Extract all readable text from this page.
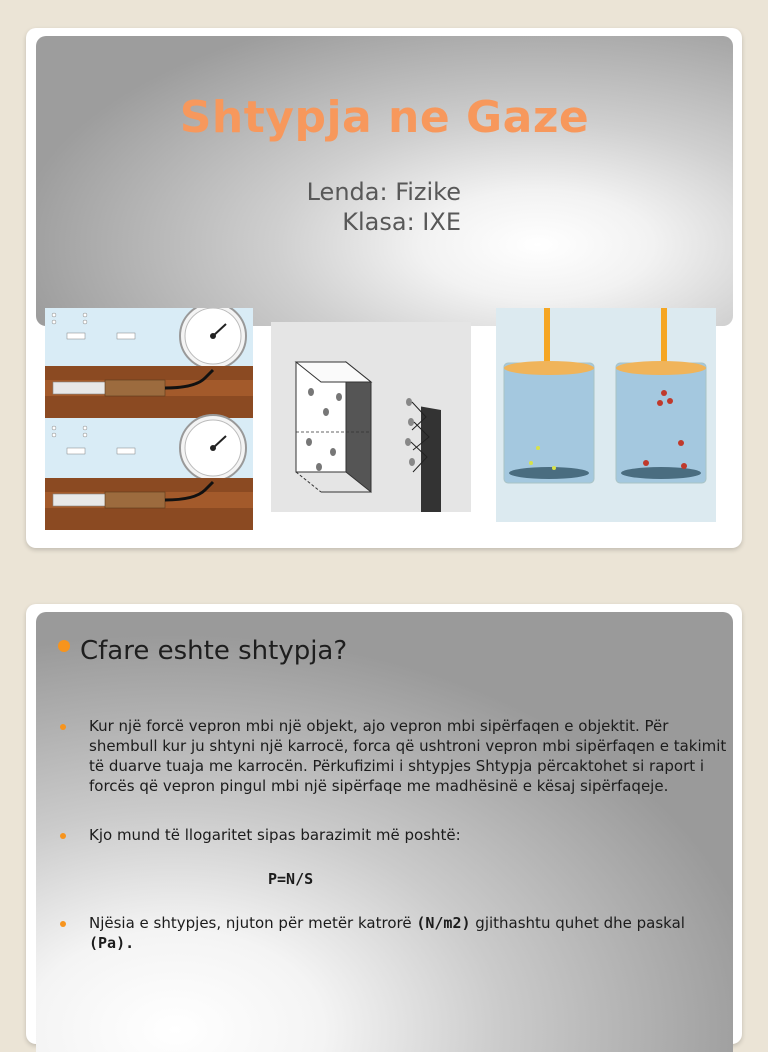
Shtypja ne Gaze
Lenda: Fizike
Klasa: IXE
Cfare eshte shtypja?
Kur një forcë vepron mbi një objekt, ajo vepron mbi sipërfaqen e objektit. Për shembull kur ju shtyni një karrocë, forca që ushtroni vepron mbi sipërfaqen e takimit të duarve tuaja me karrocën. Përkufizimi i shtypjes Shtypja përcaktohet si raport i forcës që vepron pingul mbi një sipërfaqe me madhësinë e kësaj sipërfaqeje.
Kjo mund të llogaritet sipas barazimit më poshtë:
P=N/S
Njësia e shtypjes, njuton për metër katrorë (N/m2) gjithashtu quhet dhe paskal (Pa).
